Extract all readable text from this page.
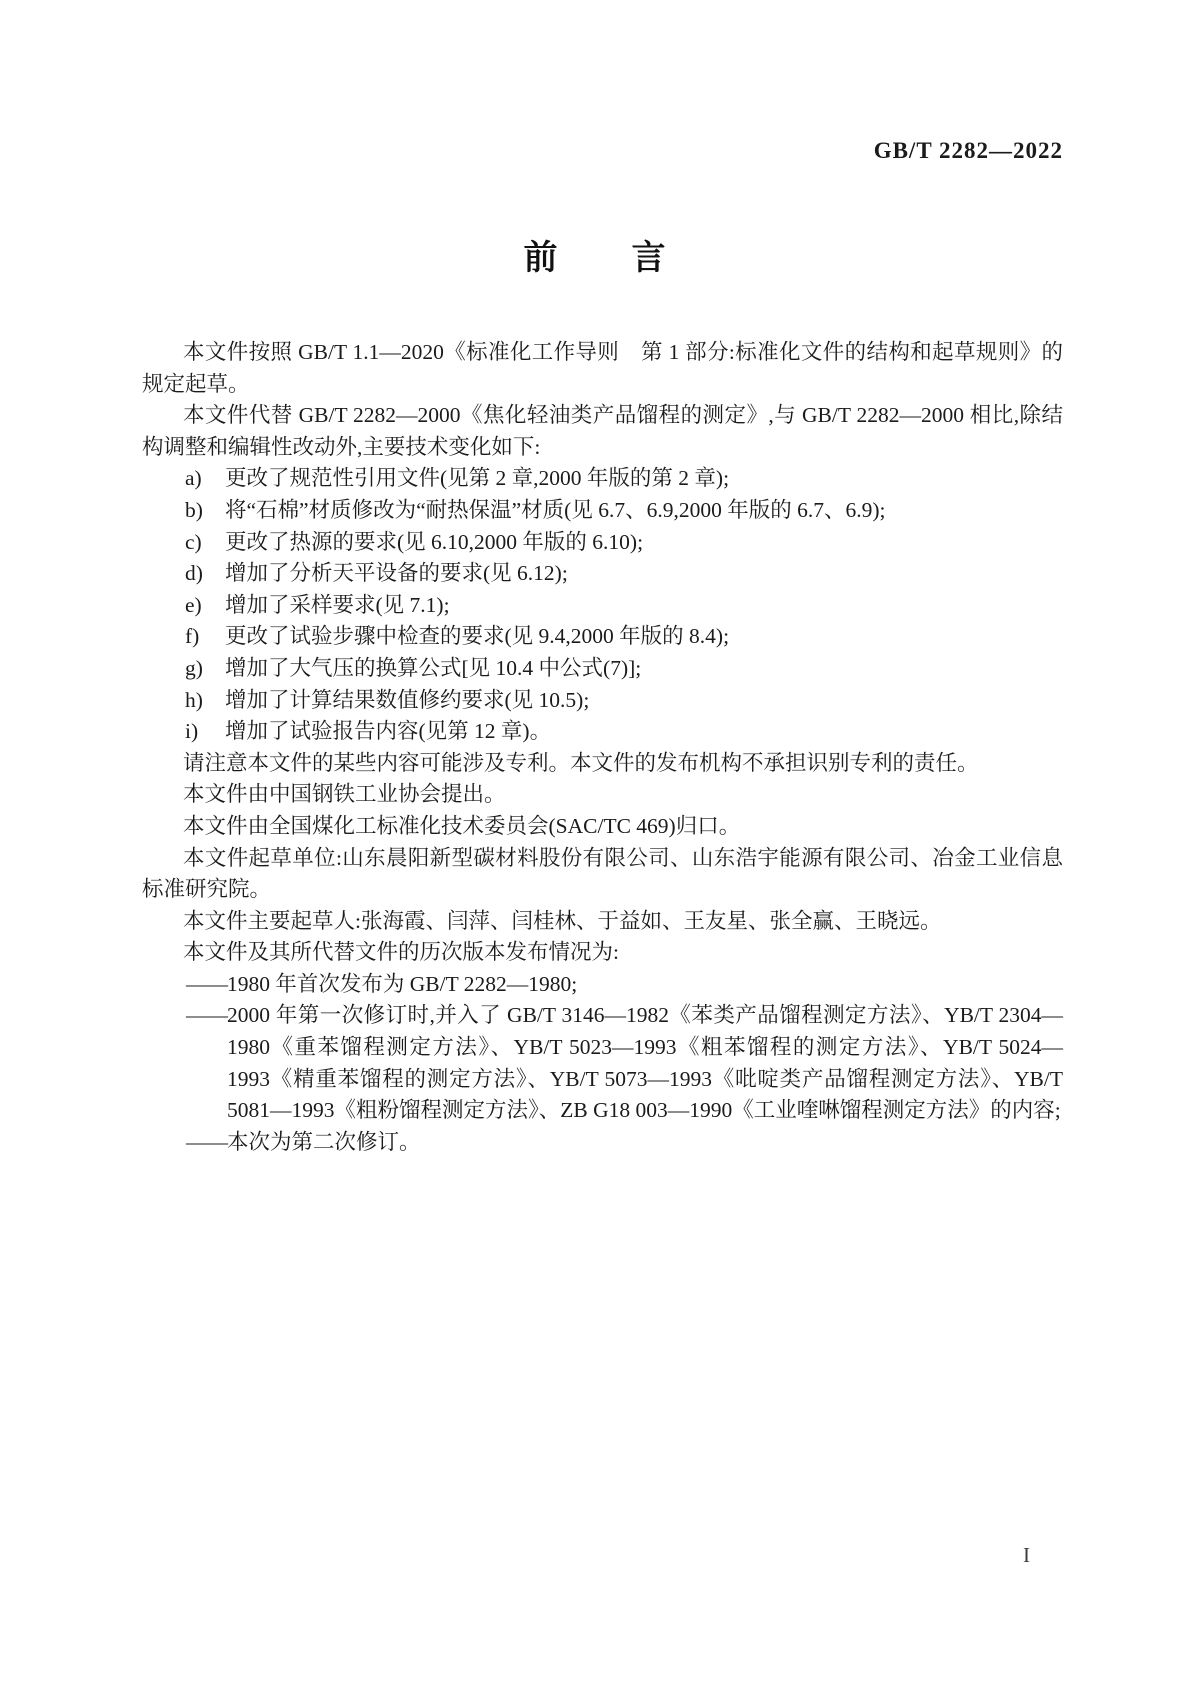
GB/T 2282—2022
前　　言

本文件按照 GB/T 1.1—2020《标准化工作导则　第 1 部分:标准化文件的结构和起草规则》的规定起草。

本文件代替 GB/T 2282—2000《焦化轻油类产品馏程的测定》,与 GB/T 2282—2000 相比,除结构调整和编辑性改动外,主要技术变化如下:

a) 更改了规范性引用文件(见第 2 章,2000 年版的第 2 章);

b) 将“石棉”材质修改为“耐热保温”材质(见 6.7、6.9,2000 年版的 6.7、6.9);

c) 更改了热源的要求(见 6.10,2000 年版的 6.10);

d) 增加了分析天平设备的要求(见 6.12);

e) 增加了采样要求(见 7.1);

f) 更改了试验步骤中检查的要求(见 9.4,2000 年版的 8.4);

g) 增加了大气压的换算公式[见 10.4 中公式(7)];

h) 增加了计算结果数值修约要求(见 10.5);

i) 增加了试验报告内容(见第 12 章)。

请注意本文件的某些内容可能涉及专利。本文件的发布机构不承担识别专利的责任。

本文件由中国钢铁工业协会提出。

本文件由全国煤化工标准化技术委员会(SAC/TC 469)归口。

本文件起草单位:山东晨阳新型碳材料股份有限公司、山东浩宇能源有限公司、冶金工业信息标准研究院。

本文件主要起草人:张海霞、闫萍、闫桂林、于益如、王友星、张全赢、王晓远。

本文件及其所代替文件的历次版本发布情况为:

——1980 年首次发布为 GB/T 2282—1980;

——2000 年第一次修订时,并入了 GB/T 3146—1982《苯类产品馏程测定方法》、YB/T 2304—1980《重苯馏程测定方法》、YB/T 5023—1993《粗苯馏程的测定方法》、YB/T 5024—1993《精重苯馏程的测定方法》、YB/T 5073—1993《吡啶类产品馏程测定方法》、YB/T 5081—1993《粗粉馏程测定方法》、ZB G18 003—1990《工业喹啉馏程测定方法》的内容;

——本次为第二次修订。

I
